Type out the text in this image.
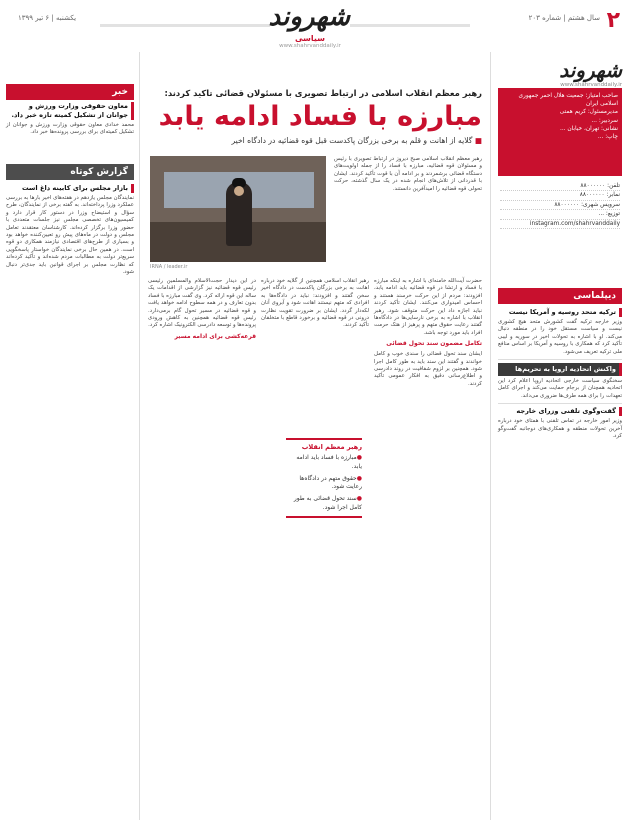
۲
سال هشتم | شماره ۲۰۳
یکشنبه | ۶ تیر ۱۳۹۹	شهروند
سیاسی
www.shahrvanddaily.ir
شهروند
www.shahrvanddaily.ir
صاحب امتیاز: جمعیت هلال احمر جمهوری اسلامی ایران
مدیرمسئول: کریم همتی
سردبیر: ...
نشانی: تهران، خیابان ...
چاپ: ...
تلفن: ۸۸۰۰۰۰۰۰
نمابر: ۸۸۰۰۰۰۰۰
سرویس شهری: ۸۸۰۰۰۰۰۰
توزیع: ...
instagram.com/shahrvanddaily
دیپلماسی
ترکیه متحد روسیه و آمریکا نیست
وزیر خارجه ترکیه گفت کشورش متحد هیچ کشوری نیست و سیاست مستقل خود را در منطقه دنبال می‌کند. او با اشاره به تحولات اخیر در سوریه و لیبی تأکید کرد که همکاری با روسیه و آمریکا بر اساس منافع ملی ترکیه تعریف می‌شود.
واکنش اتحادیه اروپا به تحریم‌ها
سخنگوی سیاست خارجی اتحادیه اروپا اعلام کرد این اتحادیه همچنان از برجام حمایت می‌کند و اجرای کامل تعهدات را برای همه طرف‌ها ضروری می‌داند.
گفت‌وگوی تلفنی وزرای خارجه
وزیر امور خارجه در تماس تلفنی با همتای خود درباره آخرین تحولات منطقه و همکاری‌های دوجانبه گفت‌وگو کرد.
خبر
معاون حقوقی وزارت ورزش و جوانان از تشکیل کمیته تازه خبر داد.
محمد خدادی معاون حقوقی وزارت ورزش و جوانان از تشکیل کمیته‌ای برای بررسی پرونده‌ها خبر داد.
گزارش کوتاه
بازار مجلس برای کابینه داغ است
نمایندگان مجلس یازدهم در هفته‌های اخیر بارها به بررسی عملکرد وزرا پرداخته‌اند. به گفته برخی از نمایندگان، طرح سؤال و استیضاح وزرا در دستور کار قرار دارد و کمیسیون‌های تخصصی مجلس نیز جلسات متعددی با حضور وزرا برگزار کرده‌اند. کارشناسان معتقدند تعامل مجلس و دولت در ماه‌های پیش رو تعیین‌کننده خواهد بود و بسیاری از طرح‌های اقتصادی نیازمند همکاری دو قوه است. در همین حال برخی نمایندگان خواستار پاسخگویی سریع‌تر دولت به مطالبات مردم شده‌اند و تأکید کرده‌اند که نظارت مجلس بر اجرای قوانین باید جدی‌تر دنبال شود.
رهبر معظم انقلاب اسلامی در ارتباط تصویری با مسئولان قضائی تاکید کردند:
مبارزه با فساد ادامه یابد
■ گلایه از اهانت و قلم به برخی بزرگان پاکدست قبل قوه قضائیه در دادگاه اخیر
IRNA / leader.ir
رهبر معظم انقلاب اسلامی صبح دیروز در ارتباط تصویری با رئیس و مسئولان قوه قضائیه، مبارزه با فساد را از جمله اولویت‌های دستگاه قضائی برشمردند و بر ادامه آن با قوت تأکید کردند. ایشان با قدردانی از تلاش‌های انجام شده در یک سال گذشته، حرکت تحولی قوه قضائیه را امیدآفرین دانستند.
حضرت آیت‌الله خامنه‌ای با اشاره به اینکه مبارزه با فساد و ارتشا در قوه قضائیه باید ادامه یابد، افزودند: مردم از این حرکت خرسند هستند و احساس امیدواری می‌کنند. ایشان تأکید کردند نباید اجازه داد این حرکت متوقف شود. رهبر انقلاب با اشاره به برخی نارسایی‌ها در دادگاه‌ها گفتند رعایت حقوق متهم و پرهیز از هتک حرمت افراد باید مورد توجه باشد.
تکامل مضمون سند تحول قضائی
ایشان سند تحول قضائی را سندی خوب و کامل خواندند و گفتند این سند باید به طور کامل اجرا شود. همچنین بر لزوم شفافیت در روند دادرسی و اطلاع‌رسانی دقیق به افکار عمومی تأکید کردند.
رهبر انقلاب اسلامی همچنین از گلایه خود درباره اهانت به برخی بزرگان پاکدست در دادگاه اخیر سخن گفتند و افزودند: نباید در دادگاه‌ها به افرادی که متهم نیستند اهانت شود و آبروی آنان لکه‌دار گردد. ایشان بر ضرورت تقویت نظارت درونی در قوه قضائیه و برخورد قاطع با متخلفان تأکید کردند.
در این دیدار حجت‌الاسلام والمسلمین رئیسی رئیس قوه قضائیه نیز گزارشی از اقدامات یک ساله این قوه ارائه کرد. وی گفت مبارزه با فساد بدون تعارف و در همه سطوح ادامه خواهد یافت و قوه قضائیه در مسیر تحول گام برمی‌دارد. رئیس قوه قضائیه همچنین به کاهش ورودی پرونده‌ها و توسعه دادرسی الکترونیک اشاره کرد.
قرعه‌کشی برای ادامه مسیر
رهبر معظم انقلاب
● مبارزه با فساد باید ادامه یابد.
● حقوق متهم در دادگاه‌ها رعایت شود.
● سند تحول قضائی به طور کامل اجرا شود.
